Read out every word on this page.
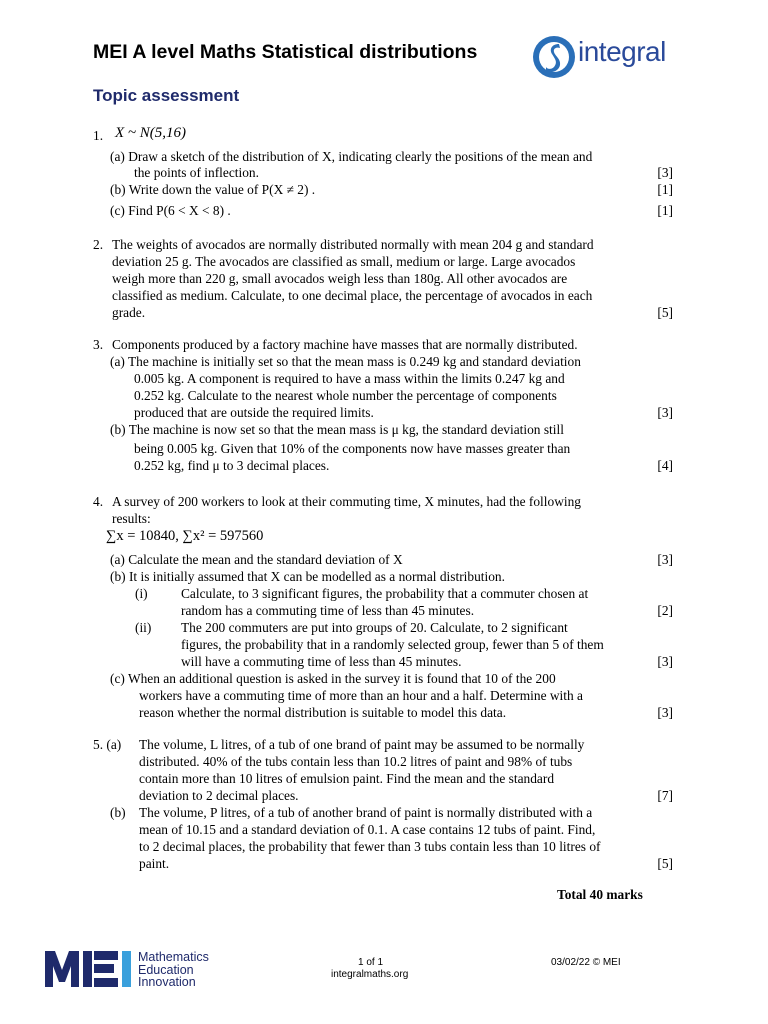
MEI A level Maths Statistical distributions
Topic assessment
integral
1. X ~ N(5,16)
(a) Draw a sketch of the distribution of X, indicating clearly the positions of the mean and
the points of inflection.	[3]
(b) Write down the value of P(X ≠ 2) .	[1]
(c) Find P(6 < X < 8) .	[1]
2. The weights of avocados are normally distributed normally with mean 204 g and standard
deviation 25 g. The avocados are classified as small, medium or large. Large avocados
weigh more than 220 g, small avocados weigh less than 180g. All other avocados are
classified as medium. Calculate, to one decimal place, the percentage of avocados in each
grade.	[5]
3. Components produced by a factory machine have masses that are normally distributed.
(a) The machine is initially set so that the mean mass is 0.249 kg and standard deviation
0.005 kg. A component is required to have a mass within the limits 0.247 kg and
0.252 kg. Calculate to the nearest whole number the percentage of components
produced that are outside the required limits.	[3]
(b) The machine is now set so that the mean mass is μ kg, the standard deviation still
being 0.005 kg. Given that 10% of the components now have masses greater than
0.252 kg, find μ to 3 decimal places.	[4]
4. A survey of 200 workers to look at their commuting time, X minutes, had the following
results:
∑x = 10840, ∑x² = 597560
(a) Calculate the mean and the standard deviation of X	[3]
(b) It is initially assumed that X can be modelled as a normal distribution.
(i) Calculate, to 3 significant figures, the probability that a commuter chosen at
random has a commuting time of less than 45 minutes.	[2]
(ii) The 200 commuters are put into groups of 20. Calculate, to 2 significant
figures, the probability that in a randomly selected group, fewer than 5 of them
will have a commuting time of less than 45 minutes.	[3]
(c) When an additional question is asked in the survey it is found that 10 of the 200
workers have a commuting time of more than an hour and a half. Determine with a
reason whether the normal distribution is suitable to model this data.	[3]
5. (a) The volume, L litres, of a tub of one brand of paint may be assumed to be normally
distributed. 40% of the tubs contain less than 10.2 litres of paint and 98% of tubs
contain more than 10 litres of emulsion paint. Find the mean and the standard
deviation to 2 decimal places.	[7]
(b) The volume, P litres, of a tub of another brand of paint is normally distributed with a
mean of 10.15 and a standard deviation of 0.1. A case contains 12 tubs of paint. Find,
to 2 decimal places, the probability that fewer than 3 tubs contain less than 10 litres of
paint.	[5]
Total 40 marks
Mathematics
Education
Innovation
1 of 1
integralmaths.org
03/02/22 © MEI
